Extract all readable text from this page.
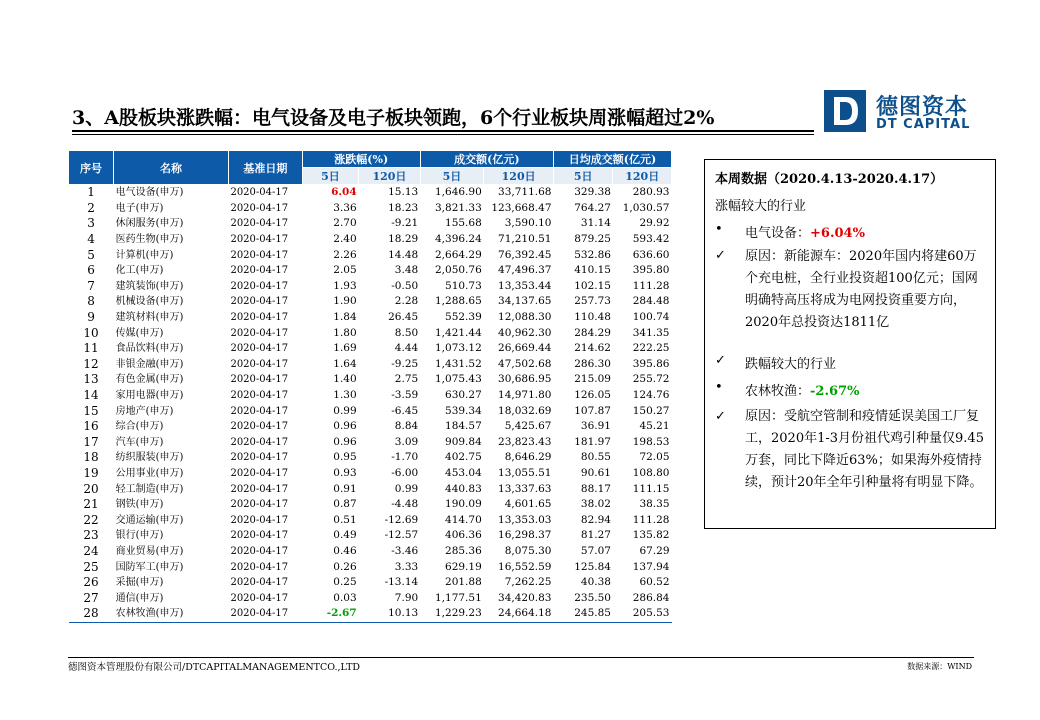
3、A股板块涨跌幅：电气设备及电子板块领跑，6个行业板块周涨幅超过2%	德图资本
DT CAPITAL
序号	名称	基准日期	涨跌幅(%)		成交额(亿元)		日均成交额(亿元)	
			5日	120日	5日	120日	5日	120日
1	电气设备(申万)	2020-04-17	6.04	15.13	1,646.90	33,711.68	329.38	280.93
2	电子(申万)	2020-04-17	3.36	18.23	3,821.33	123,668.47	764.27	1,030.57
3	休闲服务(申万)	2020-04-17	2.70	-9.21	155.68	3,590.10	31.14	29.92
4	医药生物(申万)	2020-04-17	2.40	18.29	4,396.24	71,210.51	879.25	593.42
5	计算机(申万)	2020-04-17	2.26	14.48	2,664.29	76,392.45	532.86	636.60
6	化工(申万)	2020-04-17	2.05	3.48	2,050.76	47,496.37	410.15	395.80
7	建筑装饰(申万)	2020-04-17	1.93	-0.50	510.73	13,353.44	102.15	111.28
8	机械设备(申万)	2020-04-17	1.90	2.28	1,288.65	34,137.65	257.73	284.48
9	建筑材料(申万)	2020-04-17	1.84	26.45	552.39	12,088.30	110.48	100.74
10	传媒(申万)	2020-04-17	1.80	8.50	1,421.44	40,962.30	284.29	341.35
11	食品饮料(申万)	2020-04-17	1.69	4.44	1,073.12	26,669.44	214.62	222.25
12	非银金融(申万)	2020-04-17	1.64	-9.25	1,431.52	47,502.68	286.30	395.86
13	有色金属(申万)	2020-04-17	1.40	2.75	1,075.43	30,686.95	215.09	255.72
14	家用电器(申万)	2020-04-17	1.30	-3.59	630.27	14,971.80	126.05	124.76
15	房地产(申万)	2020-04-17	0.99	-6.45	539.34	18,032.69	107.87	150.27
16	综合(申万)	2020-04-17	0.96	8.84	184.57	5,425.67	36.91	45.21
17	汽车(申万)	2020-04-17	0.96	3.09	909.84	23,823.43	181.97	198.53
18	纺织服装(申万)	2020-04-17	0.95	-1.70	402.75	8,646.29	80.55	72.05
19	公用事业(申万)	2020-04-17	0.93	-6.00	453.04	13,055.51	90.61	108.80
20	轻工制造(申万)	2020-04-17	0.91	0.99	440.83	13,337.63	88.17	111.15
21	钢铁(申万)	2020-04-17	0.87	-4.48	190.09	4,601.65	38.02	38.35
22	交通运输(申万)	2020-04-17	0.51	-12.69	414.70	13,353.03	82.94	111.28
23	银行(申万)	2020-04-17	0.49	-12.57	406.36	16,298.37	81.27	135.82
24	商业贸易(申万)	2020-04-17	0.46	-3.46	285.36	8,075.30	57.07	67.29
25	国防军工(申万)	2020-04-17	0.26	3.33	629.19	16,552.59	125.84	137.94
26	采掘(申万)	2020-04-17	0.25	-13.14	201.88	7,262.25	40.38	60.52
27	通信(申万)	2020-04-17	0.03	7.90	1,177.51	34,420.83	235.50	286.84
28	农林牧渔(申万)	2020-04-17	-2.67	10.13	1,229.23	24,664.18	245.85	205.53
本周数据（2020.4.13-2020.4.17）
涨幅较大的行业
• 电气设备：+6.04%
✓ 原因：新能源车：2020年国内将建60万个充电桩，全行业投资超100亿元；国网明确特高压将成为电网投资重要方向，2020年总投资达1811亿
✓ 跌幅较大的行业
• 农林牧渔：-2.67%
✓ 原因：受航空管制和疫情延误美国工厂复工，2020年1-3月份祖代鸡引种量仅9.45万套，同比下降近63%；如果海外疫情持续，预计20年全年引种量将有明显下降。
德图资本管理股份有限公司/DTCAPITALMANAGEMENTCO.,LTD	数据来源：WIND
